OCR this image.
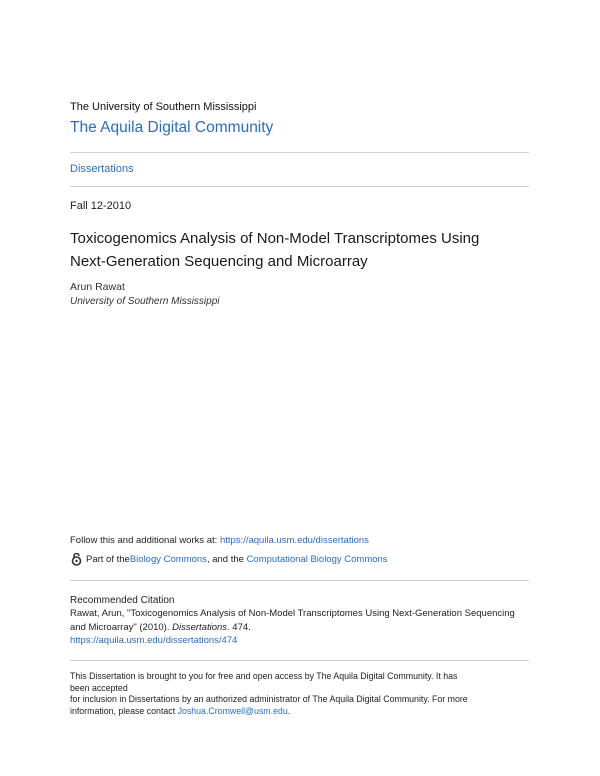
The University of Southern Mississippi
The Aquila Digital Community
Dissertations
Fall 12-2010
Toxicogenomics Analysis of Non-Model Transcriptomes Using
Next-Generation Sequencing and Microarray
Arun Rawat
University of Southern Mississippi
Follow this and additional works at: https://aquila.usm.edu/dissertations
Part of the Biology Commons , and the Computational Biology Commons
Recommended Citation
Rawat, Arun, "Toxicogenomics Analysis of Non-Model Transcriptomes Using Next-Generation Sequencing
and Microarray" (2010). Dissertations. 474.
https://aquila.usm.edu/dissertations/474
This Dissertation is brought to you for free and open access by The Aquila Digital Community. It has been accepted
for inclusion in Dissertations by an authorized administrator of The Aquila Digital Community. For more
information, please contact Joshua.Cromwell@usm.edu.
